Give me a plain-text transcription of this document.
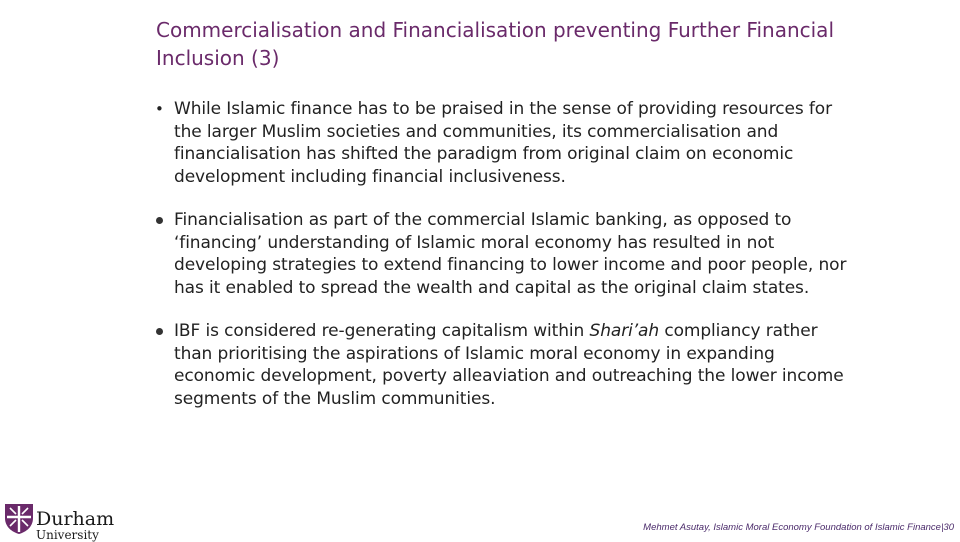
Commercialisation and Financialisation preventing Further Financial Inclusion (3)
While Islamic finance has to be praised in the sense of providing resources for the larger Muslim societies and communities, its commercialisation and financialisation has shifted the paradigm from original claim on economic development including financial inclusiveness.
Financialisation as part of the commercial Islamic banking, as opposed to ‘financing’ understanding of Islamic moral economy has resulted in not developing strategies to extend financing to lower income and poor people, nor has it enabled to spread the wealth and capital as the original claim states.
IBF is considered re-generating capitalism within Shari’ah compliancy rather than prioritising the aspirations of Islamic moral economy in expanding economic development, poverty alleaviation and outreaching the lower income segments of the Muslim communities.
Durham
University
Mehmet Asutay, Islamic Moral Economy Foundation of Islamic Finance|30
